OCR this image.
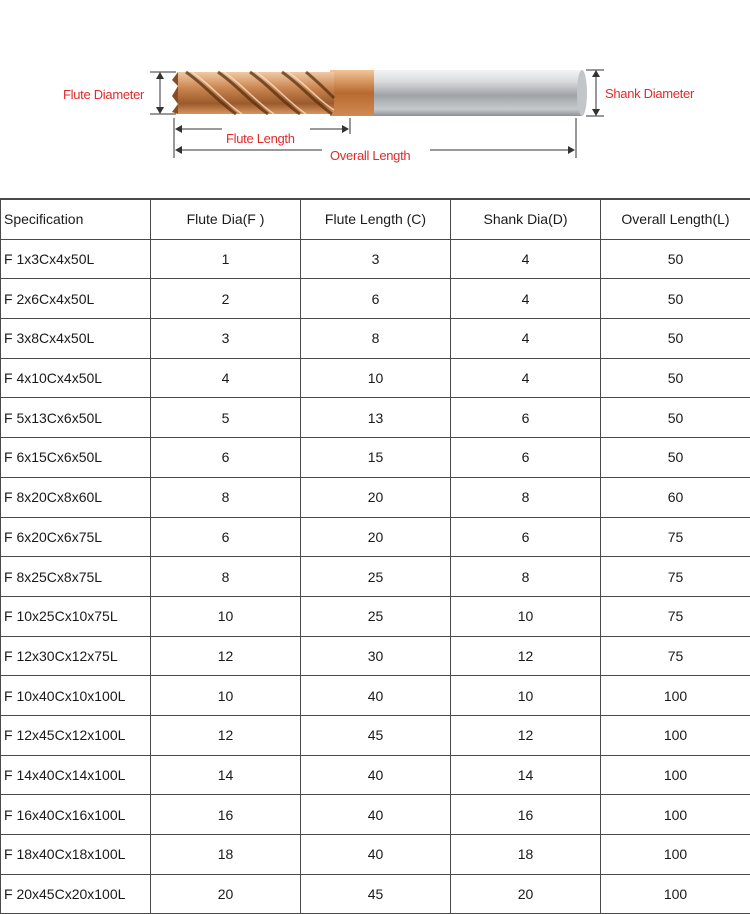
Flute Diameter	Shank Diameter
Flute Length
Overall Length
Specification	Flute Dia(F )	Flute Length (C)	Shank Dia(D)	Overall Length(L)
F 1x3Cx4x50L	1	3	4	50
F 2x6Cx4x50L	2	6	4	50
F 3x8Cx4x50L	3	8	4	50
F 4x10Cx4x50L	4	10	4	50
F 5x13Cx6x50L	5	13	6	50
F 6x15Cx6x50L	6	15	6	50
F 8x20Cx8x60L	8	20	8	60
F 6x20Cx6x75L	6	20	6	75
F 8x25Cx8x75L	8	25	8	75
F 10x25Cx10x75L	10	25	10	75
F 12x30Cx12x75L	12	30	12	75
F 10x40Cx10x100L	10	40	10	100
F 12x45Cx12x100L	12	45	12	100
F 14x40Cx14x100L	14	40	14	100
F 16x40Cx16x100L	16	40	16	100
F 18x40Cx18x100L	18	40	18	100
F 20x45Cx20x100L	20	45	20	100
